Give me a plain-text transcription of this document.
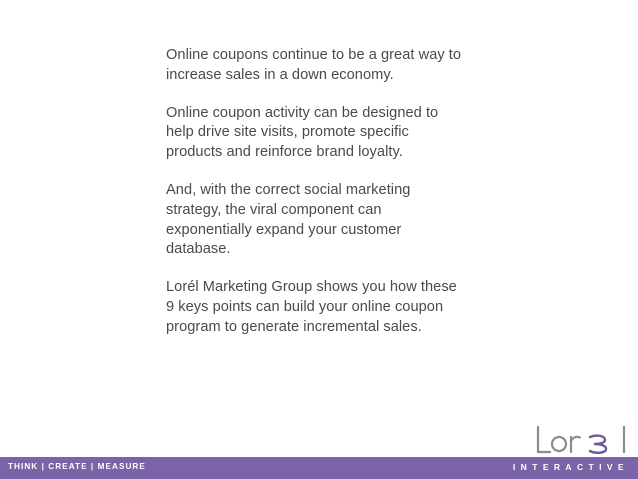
Online coupons continue to be a great way to increase sales in a down economy.

Online coupon activity can be designed to help drive site visits, promote specific products and reinforce brand loyalty.

And, with the correct social marketing strategy, the viral component can exponentially expand your customer database.

Lorél Marketing Group shows you how these 9 keys points can build your online coupon program to generate incremental sales.

THINK | CREATE | MEASURE	INTERACTIVE
